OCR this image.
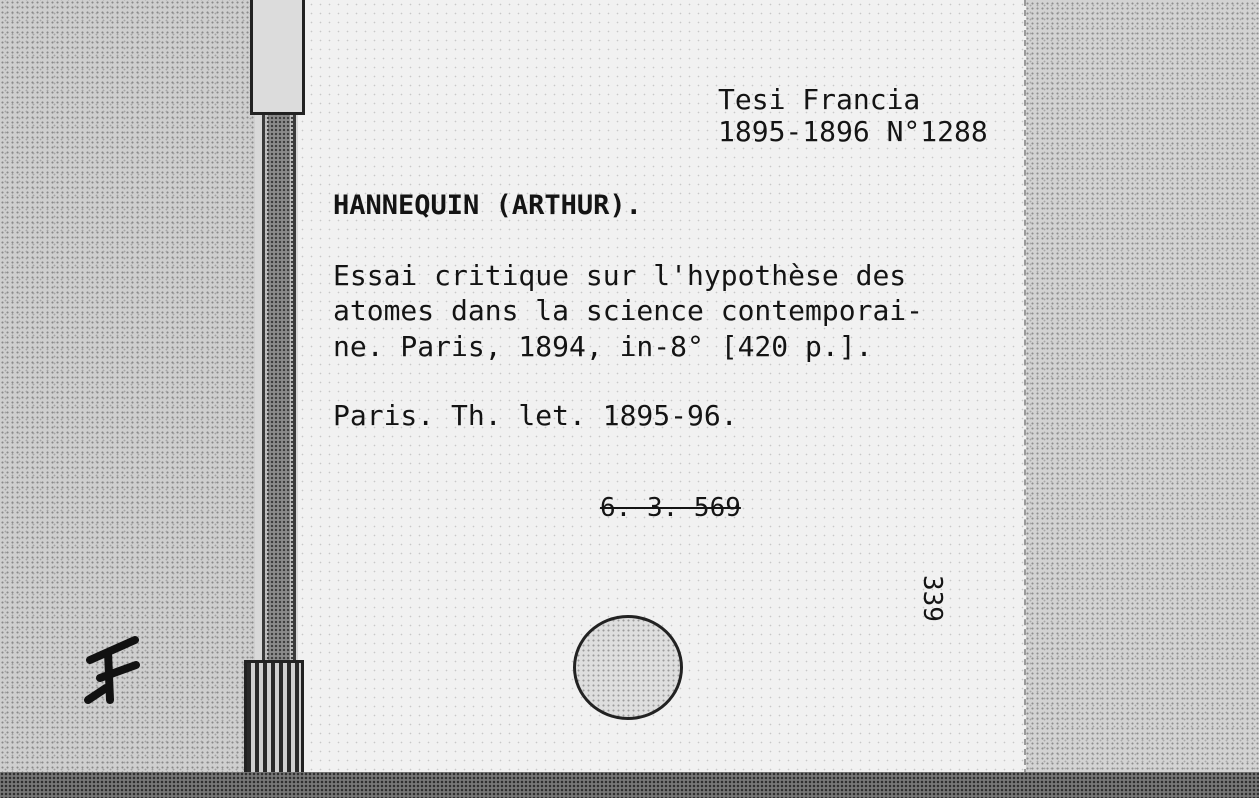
Tesi Francia

1895-1896 N°1288

HANNEQUIN (ARTHUR).

Essai critique sur l'hypothèse des

atomes dans la science contemporai-

ne. Paris, 1894, in-8° [420 p.].

Paris. Th. let. 1895-96.

6. 3. 569

339
